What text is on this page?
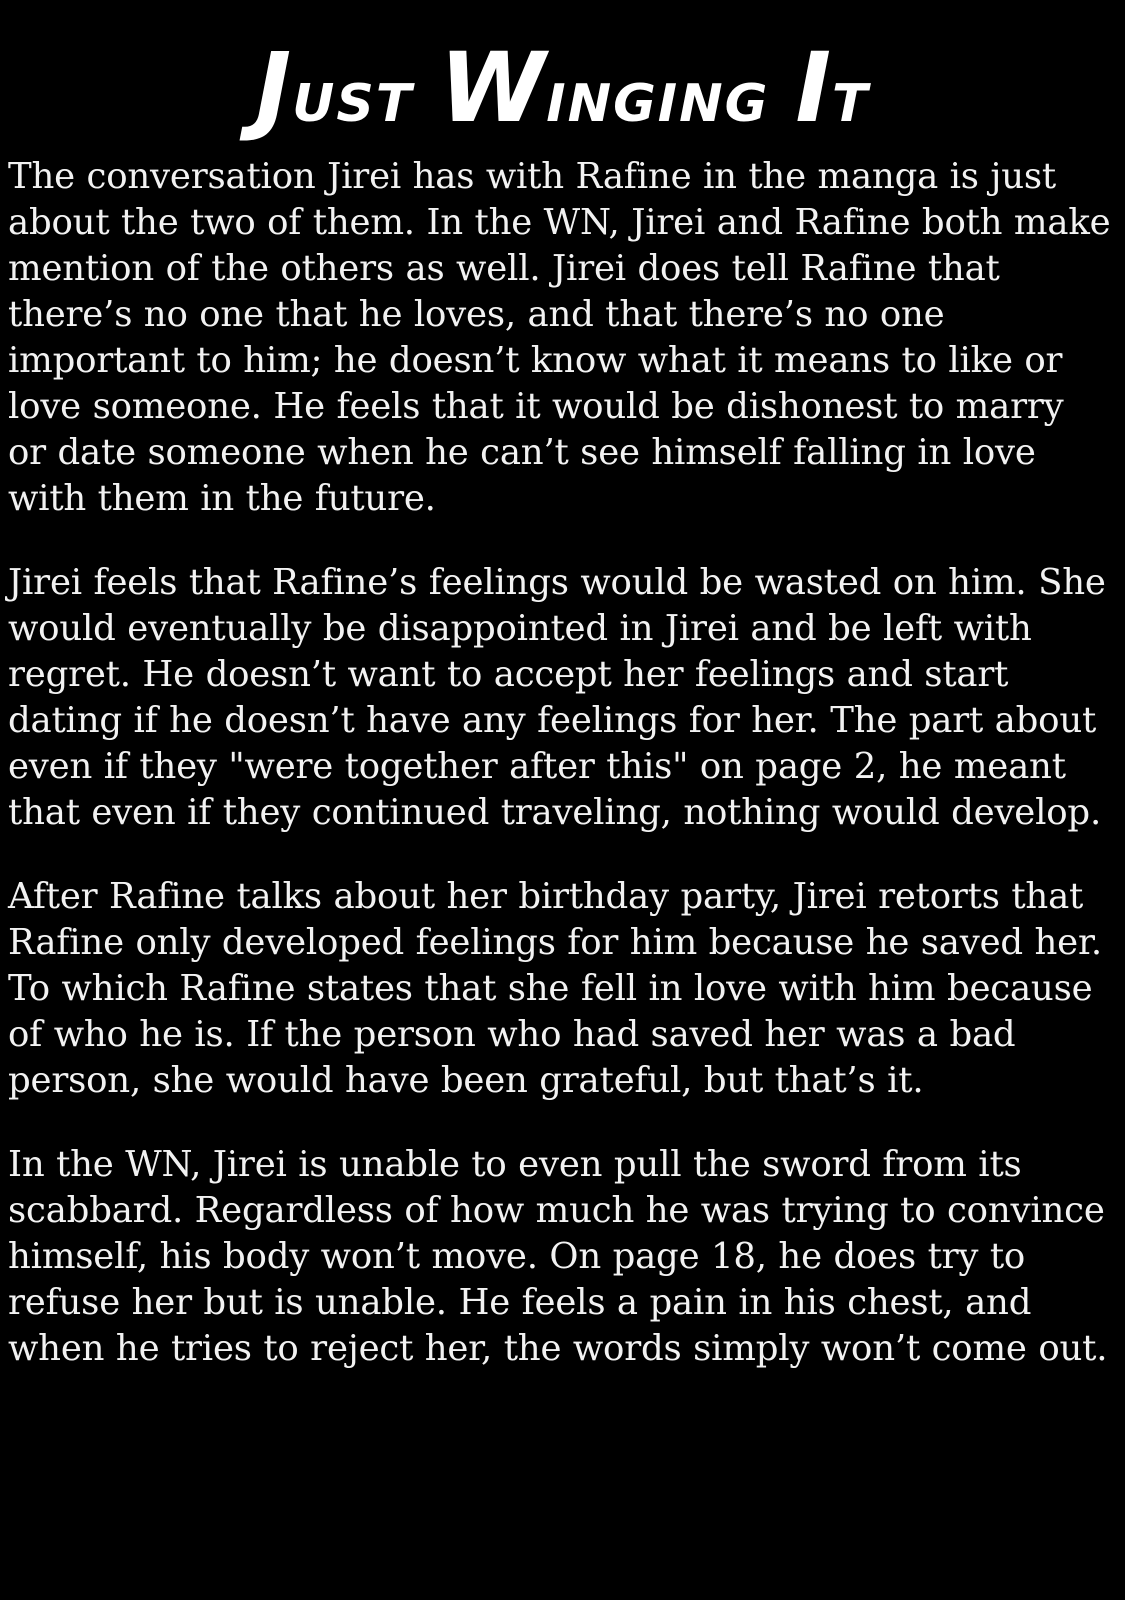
JUST WINGING IT

The conversation Jirei has with Rafine in the manga is just about the two of them. In the WN, Jirei and Rafine both make mention of the others as well. Jirei does tell Rafine that there’s no one that he loves, and that there’s no one important to him; he doesn’t know what it means to like or love someone. He feels that it would be dishonest to marry or date someone when he can’t see himself falling in love with them in the future.

Jirei feels that Rafine’s feelings would be wasted on him. She would eventually be disappointed in Jirei and be left with regret. He doesn’t want to accept her feelings and start dating if he doesn’t have any feelings for her. The part about even if they "were together after this" on page 2, he meant that even if they continued traveling, nothing would develop.

After Rafine talks about her birthday party, Jirei retorts that Rafine only developed feelings for him because he saved her. To which Rafine states that she fell in love with him because of who he is. If the person who had saved her was a bad person, she would have been grateful, but that’s it.

In the WN, Jirei is unable to even pull the sword from its scabbard. Regardless of how much he was trying to convince himself, his body won’t move. On page 18, he does try to refuse her but is unable. He feels a pain in his chest, and when he tries to reject her, the words simply won’t come out.
